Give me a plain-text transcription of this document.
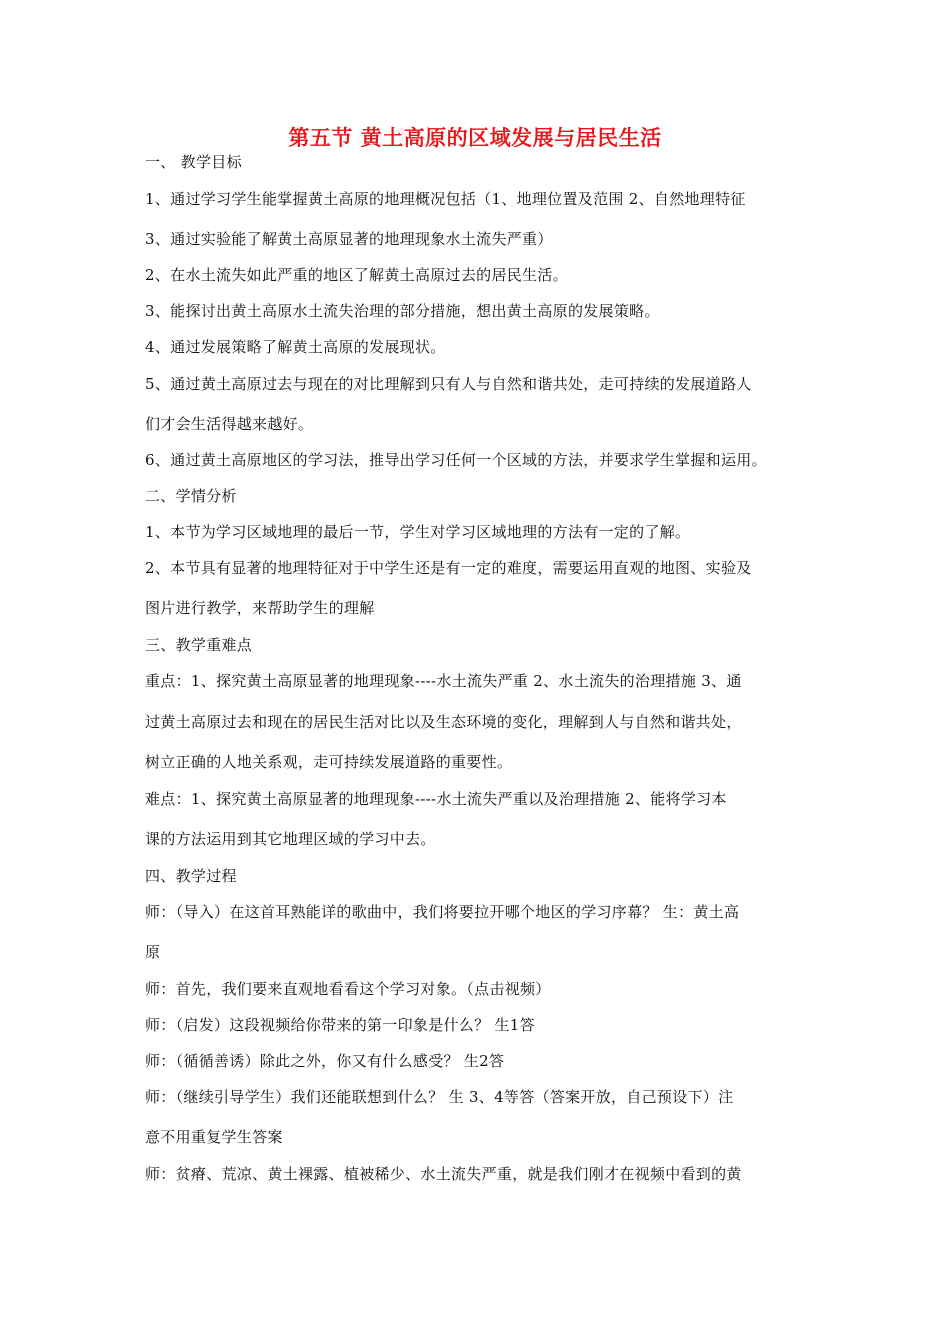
第五节 黄土高原的区域发展与居民生活
一、 教学目标
1、通过学习学生能掌握黄土高原的地理概况包括（1、地理位置及范围 2、自然地理特征
3、通过实验能了解黄土高原显著的地理现象水土流失严重）
2、在水土流失如此严重的地区了解黄土高原过去的居民生活。
3、能探讨出黄土高原水土流失治理的部分措施，想出黄土高原的发展策略。
4、通过发展策略了解黄土高原的发展现状。
5、通过黄土高原过去与现在的对比理解到只有人与自然和谐共处，走可持续的发展道路人
们才会生活得越来越好。
6、通过黄土高原地区的学习法，推导出学习任何一个区域的方法，并要求学生掌握和运用。
二、学情分析
1、本节为学习区域地理的最后一节，学生对学习区域地理的方法有一定的了解。
2、本节具有显著的地理特征对于中学生还是有一定的难度，需要运用直观的地图、实验及
图片进行教学，来帮助学生的理解
三、教学重难点
重点：1、探究黄土高原显著的地理现象----水土流失严重 2、水土流失的治理措施 3、通
过黄土高原过去和现在的居民生活对比以及生态环境的变化，理解到人与自然和谐共处，
树立正确的人地关系观，走可持续发展道路的重要性。
难点：1、探究黄土高原显著的地理现象----水土流失严重以及治理措施 2、能将学习本
课的方法运用到其它地理区域的学习中去。
四、教学过程
师：（导入）在这首耳熟能详的歌曲中，我们将要拉开哪个地区的学习序幕？ 生：黄土高
原
师：首先，我们要来直观地看看这个学习对象。（点击视频）
师：（启发）这段视频给你带来的第一印象是什么？ 生1答
师：（循循善诱）除此之外，你又有什么感受？ 生2答
师：（继续引导学生）我们还能联想到什么？ 生 3、4等答（答案开放，自己预设下）注
意不用重复学生答案
师：贫瘠、荒凉、黄土裸露、植被稀少、水土流失严重，就是我们刚才在视频中看到的黄
